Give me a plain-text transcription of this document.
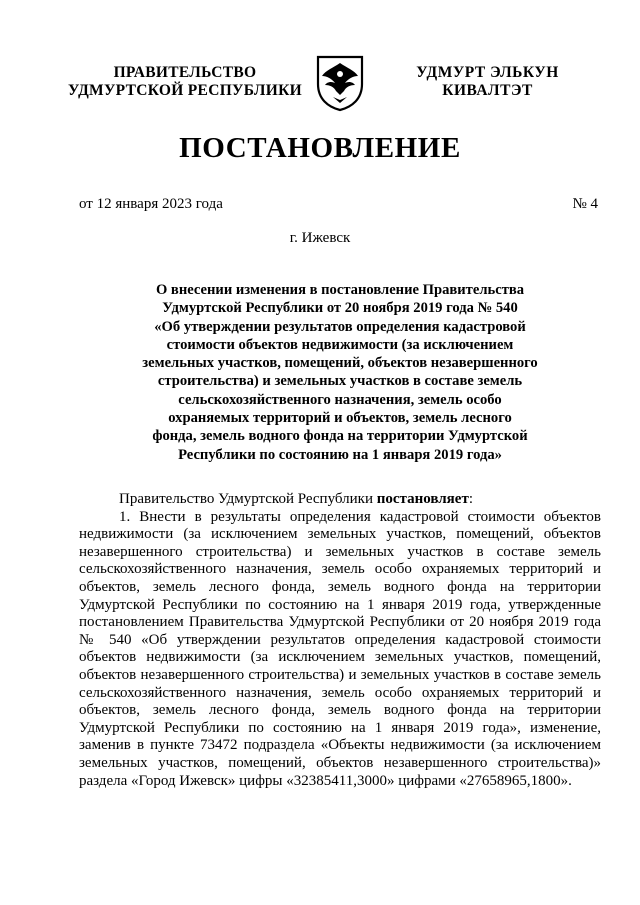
ПРАВИТЕЛЬСТВО
УДМУРТСКОЙ РЕСПУБЛИКИ
УДМУРТ ЭЛЬКУН
КИВАЛТЭТ
ПОСТАНОВЛЕНИЕ
от 12 января 2023 года	№ 4
г. Ижевск

О внесении изменения в постановление Правительства
Удмуртской Республики от 20 ноября 2019 года № 540
«Об утверждении результатов определения кадастровой
стоимости объектов недвижимости (за исключением
земельных участков, помещений, объектов незавершенного
строительства) и земельных участков в составе земель
сельскохозяйственного назначения, земель особо
охраняемых территорий и объектов, земель лесного
фонда, земель водного фонда на территории Удмуртской
Республики по состоянию на 1 января 2019 года»

Правительство Удмуртской Республики постановляет:

1. Внести в результаты определения кадастровой стоимости объектов недвижимости (за исключением земельных участков, помещений, объектов незавершенного строительства) и земельных участков в составе земель сельскохозяйственного назначения, земель особо охраняемых территорий и объектов, земель лесного фонда, земель водного фонда на территории Удмуртской Республики по состоянию на 1 января 2019 года, утвержденные постановлением Правительства Удмуртской Республики от 20 ноября 2019 года № 540 «Об утверждении результатов определения кадастровой стоимости объектов недвижимости (за исключением земельных участков, помещений, объектов незавершенного строительства) и земельных участков в составе земель сельскохозяйственного назначения, земель особо охраняемых территорий и объектов, земель лесного фонда, земель водного фонда на территории Удмуртской Республики по состоянию на 1 января 2019 года», изменение, заменив в пункте 73472 подраздела «Объекты недвижимости (за исключением земельных участков, помещений, объектов незавершенного строительства)» раздела «Город Ижевск» цифры «32385411,3000» цифрами «27658965,1800».
